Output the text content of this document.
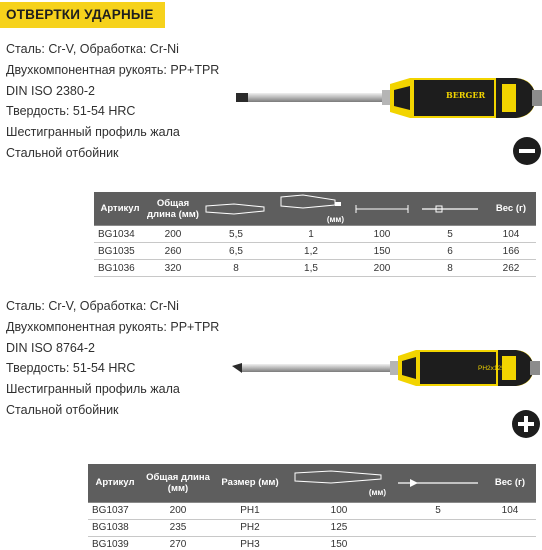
ОТВЕРТКИ УДАРНЫЕ
Сталь: Cr-V, Обработка: Cr-Ni
Двухкомпонентная рукоять: PP+TPR
DIN ISO 2380-2
Твердость: 51-54 HRC
Шестигранный профиль жала
Стальной отбойник
BERGER
Артикул	Общая длина (мм)		(мм)			Вес (г)
BG1034	200	5,5	1	100	5	104
BG1035	260	6,5	1,2	150	6	166
BG1036	320	8	1,5	200	8	262
Сталь: Cr-V, Обработка: Cr-Ni
Двухкомпонентная рукоять: PP+TPR
DIN ISO 8764-2
Твердость: 51-54 HRC
Шестигранный профиль жала
Стальной отбойник
PH2x125mm
Артикул	Общая длина (мм)	Размер (мм)	(мм)		Вес (г)
BG1037	200	PH1	100	5	104
BG1038	235	PH2	125		
BG1039	270	PH3	150		
